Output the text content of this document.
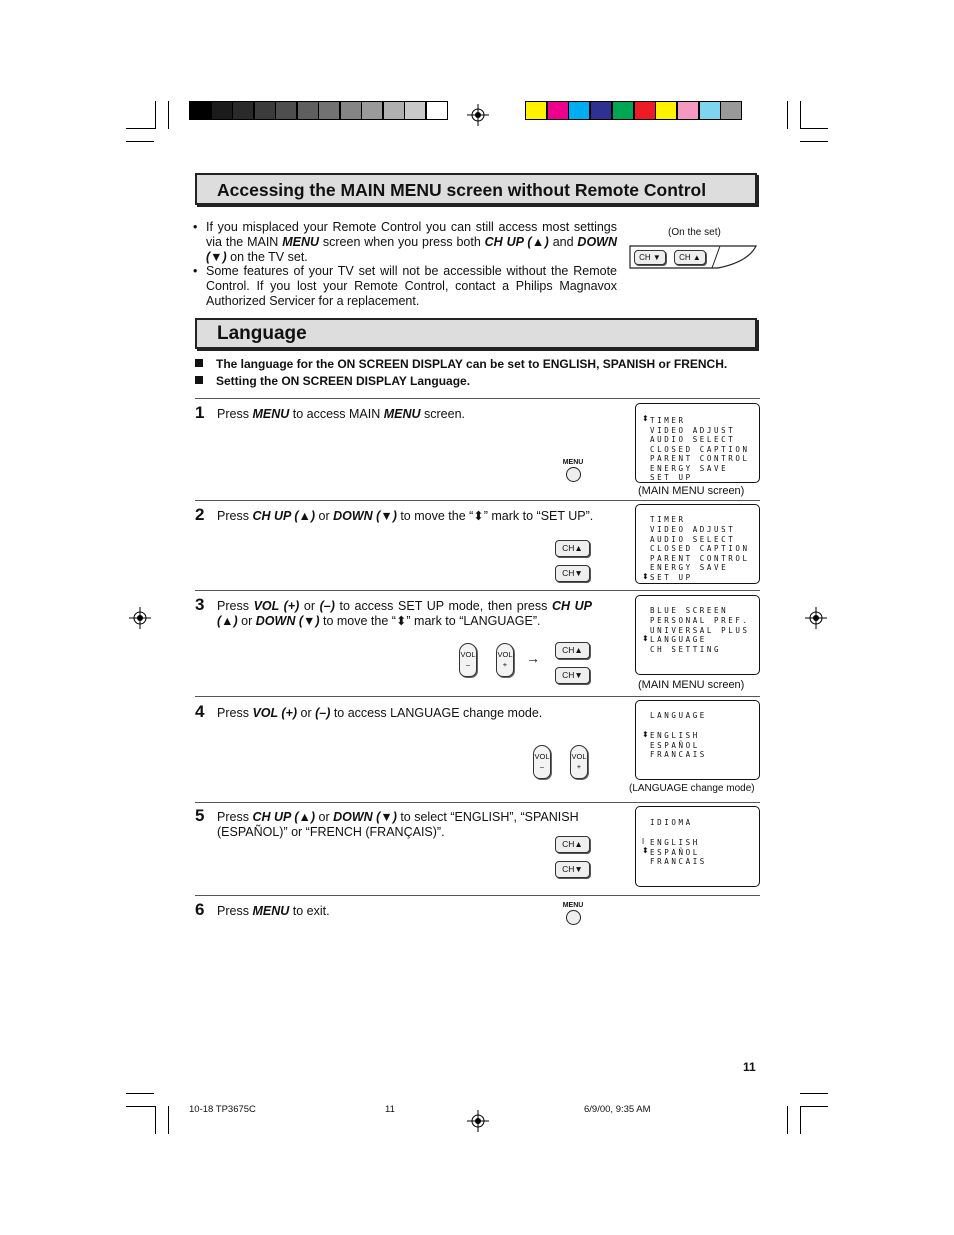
Accessing the MAIN MENU screen without Remote Control
• If you misplaced your Remote Control you can still access most settings via the MAIN MENU screen when you press both CH UP (▲) and DOWN (▼) on the TV set.
• Some features of your TV set will not be accessible without the Remote Control. If you lost your Remote Control, contact a Philips Magnavox Authorized Servicer for a replacement.
(On the set)
CH ▼	CH ▲
Language
The language for the ON SCREEN DISPLAY can be set to ENGLISH, SPANISH or FRENCH.
Setting the ON SCREEN DISPLAY Language.
1 Press MENU to access MAIN MENU screen.
2 Press CH UP (▲) or DOWN (▼) to move the “⬍” mark to “SET UP”.
3 Press VOL (+) or (–) to access SET UP mode, then press CH UP (▲) or DOWN (▼) to move the “⬍” mark to “LANGUAGE”.
4 Press VOL (+) or (–) to access LANGUAGE change mode.
5 Press CH UP (▲) or DOWN (▼) to select “ENGLISH”, “SPANISH (ESPAÑOL)” or “FRENCH (FRANÇAIS)”.
6 Press MENU to exit.
MENU
CH▲
CH▼
VOL
–
VOL
+	→	CH▲
CH▼
VOL
–
VOL
+
CH▲
CH▼
MENU
⬍ TIMER
VIDEO ADJUST
AUDIO SELECT
CLOSED CAPTION
PARENT CONTROL
ENERGY SAVE
SET UP
(MAIN MENU screen)
TIMER
VIDEO ADJUST
AUDIO SELECT
CLOSED CAPTION
PARENT CONTROL
ENERGY SAVE
⬍ SET UP
BLUE SCREEN
PERSONAL PREF.
UNIVERSAL PLUS
⬍ LANGUAGE
CH SETTING
(MAIN MENU screen)
LANGUAGE
⬍ ENGLISH
ESPAÑOL
FRANCAIS
(LANGUAGE change mode)
IDIOMA
ǀ ENGLISH
⬍ ESPAÑOL
FRANCAIS
11
10-18 TP3675C	11	6/9/00, 9:35 AM
